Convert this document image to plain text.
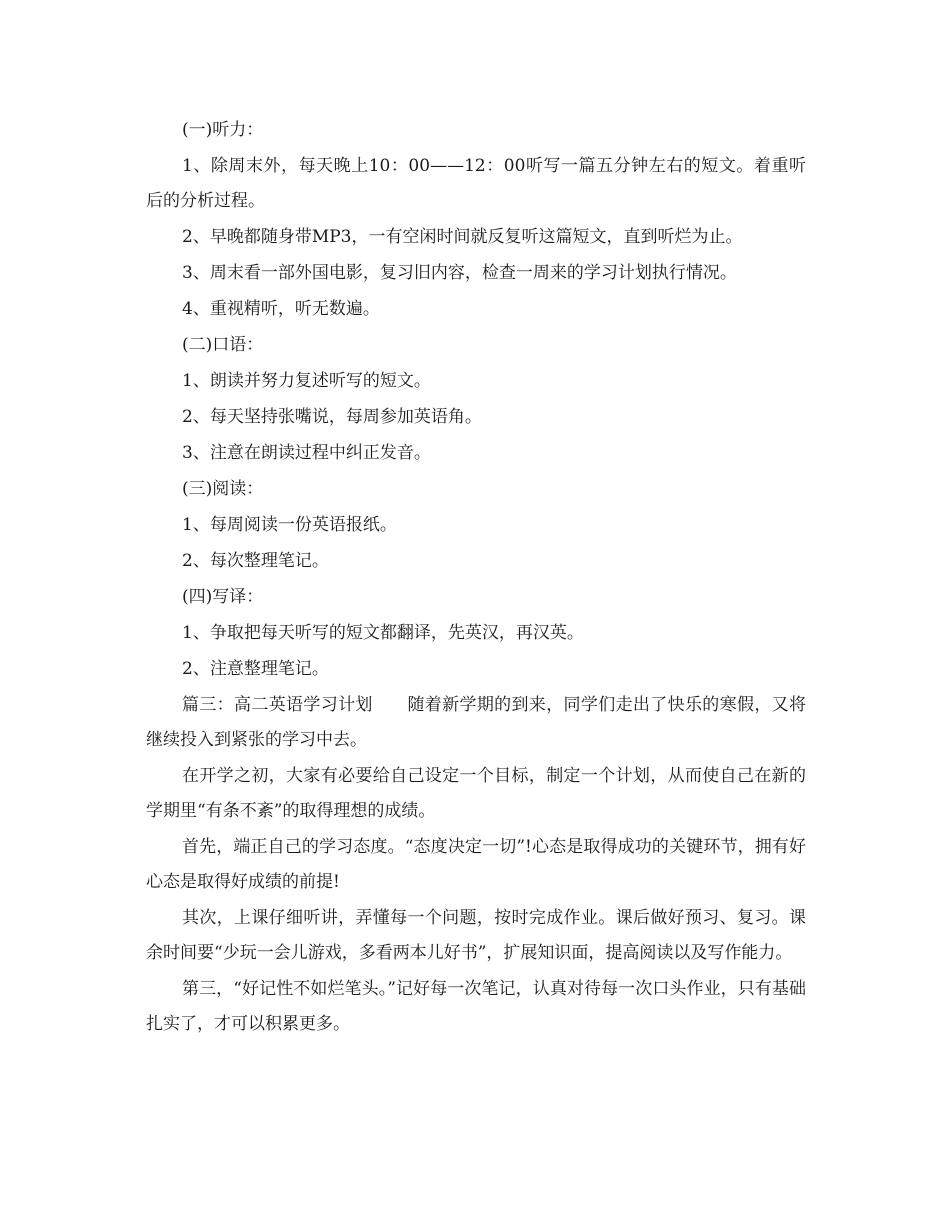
(一)听力：

1、除周末外，每天晚上10：00——12：00听写一篇五分钟左右的短文。着重听后的分析过程。

2、早晚都随身带MP3，一有空闲时间就反复听这篇短文，直到听烂为止。

3、周末看一部外国电影，复习旧内容，检查一周来的学习计划执行情况。

4、重视精听，听无数遍。

(二)口语：

1、朗读并努力复述听写的短文。

2、每天坚持张嘴说，每周参加英语角。

3、注意在朗读过程中纠正发音。

(三)阅读：

1、每周阅读一份英语报纸。

2、每次整理笔记。

(四)写译：

1、争取把每天听写的短文都翻译，先英汉，再汉英。

2、注意整理笔记。

篇三：高二英语学习计划　　随着新学期的到来，同学们走出了快乐的寒假，又将继续投入到紧张的学习中去。

在开学之初，大家有必要给自己设定一个目标，制定一个计划，从而使自己在新的学期里“有条不紊”的取得理想的成绩。

首先，端正自己的学习态度。“态度决定一切”!心态是取得成功的关键环节，拥有好心态是取得好成绩的前提!

其次，上课仔细听讲，弄懂每一个问题，按时完成作业。课后做好预习、复习。课余时间要“少玩一会儿游戏，多看两本儿好书”，扩展知识面，提高阅读以及写作能力。

第三，“好记性不如烂笔头。”记好每一次笔记，认真对待每一次口头作业，只有基础扎实了，才可以积累更多。
